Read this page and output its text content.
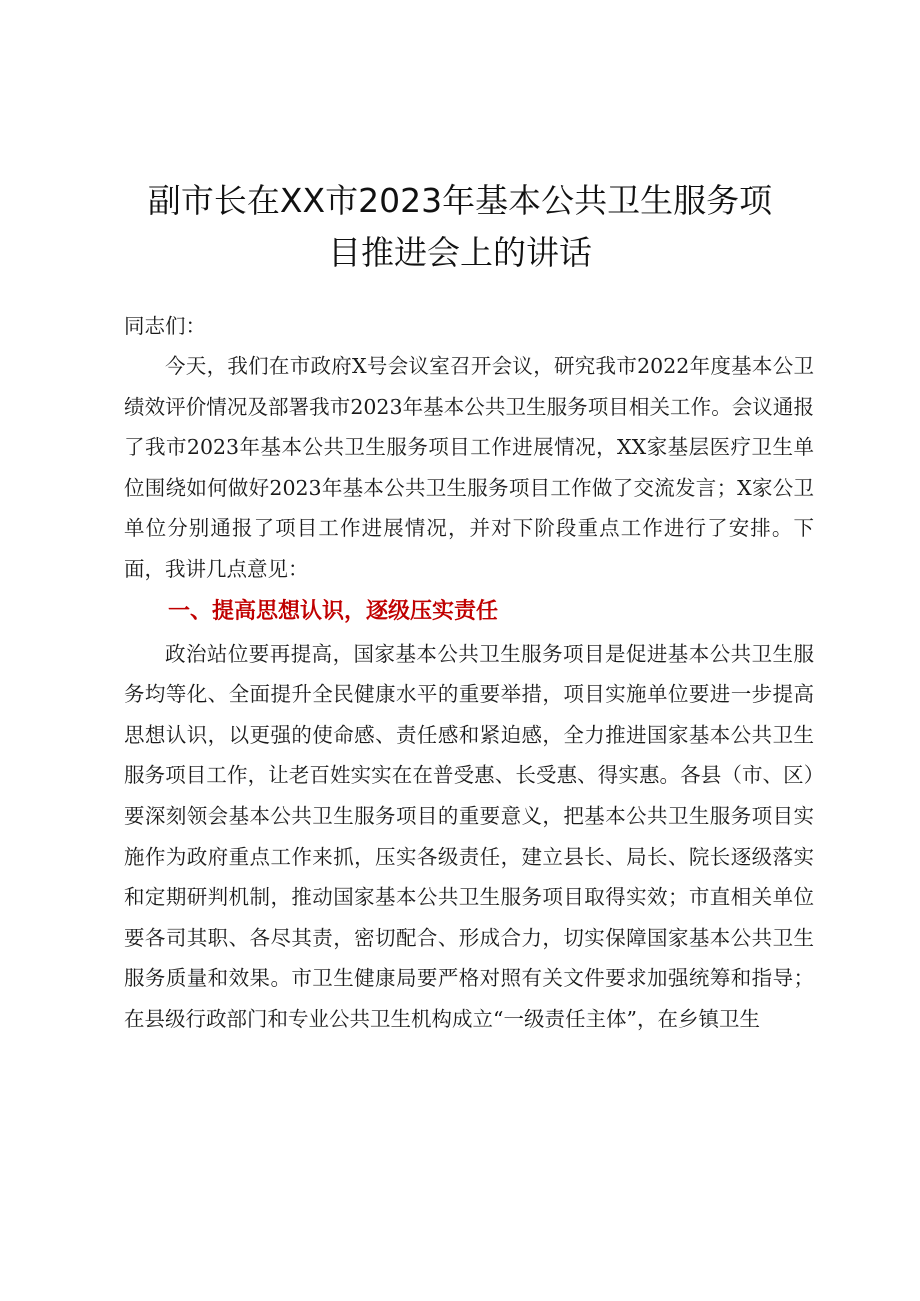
副市长在XX市2023年基本公共卫生服务项
目推进会上的讲话

同志们：

今天，我们在市政府X号会议室召开会议，研究我市2022年度基本公卫绩效评价情况及部署我市2023年基本公共卫生服务项目相关工作。会议通报了我市2023年基本公共卫生服务项目工作进展情况，XX家基层医疗卫生单位围绕如何做好2023年基本公共卫生服务项目工作做了交流发言；X家公卫单位分别通报了项目工作进展情况，并对下阶段重点工作进行了安排。下面，我讲几点意见：

一、提高思想认识，逐级压实责任

政治站位要再提高，国家基本公共卫生服务项目是促进基本公共卫生服务均等化、全面提升全民健康水平的重要举措，项目实施单位要进一步提高思想认识，以更强的使命感、责任感和紧迫感，全力推进国家基本公共卫生服务项目工作，让老百姓实实在在普受惠、长受惠、得实惠。各县（市、区）要深刻领会基本公共卫生服务项目的重要意义，把基本公共卫生服务项目实施作为政府重点工作来抓，压实各级责任，建立县长、局长、院长逐级落实和定期研判机制，推动国家基本公共卫生服务项目取得实效；市直相关单位要各司其职、各尽其责，密切配合、形成合力，切实保障国家基本公共卫生服务质量和效果。市卫生健康局要严格对照有关文件要求加强统筹和指导；在县级行政部门和专业公共卫生机构成立“一级责任主体”，在乡镇卫生
